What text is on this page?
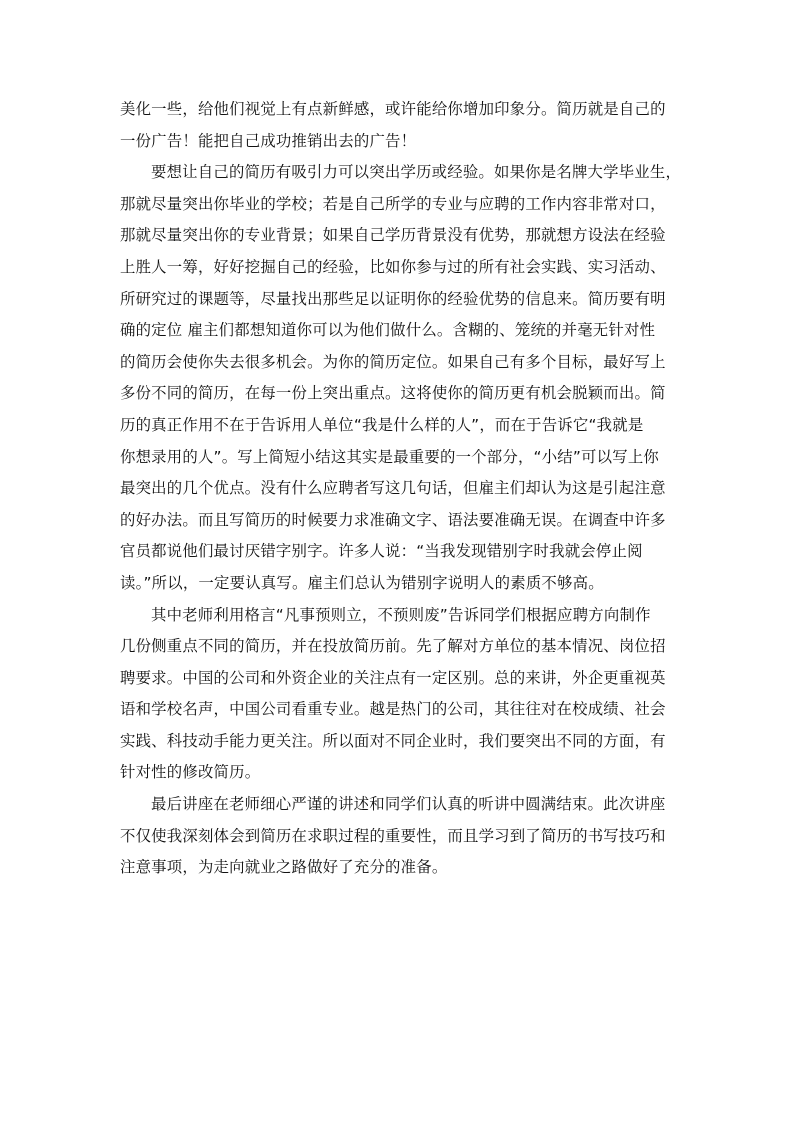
美化一些，给他们视觉上有点新鲜感，或许能给你增加印象分。简历就是自己的
一份广告！能把自己成功推销出去的广告！
要想让自己的简历有吸引力可以突出学历或经验。如果你是名牌大学毕业生，
那就尽量突出你毕业的学校；若是自己所学的专业与应聘的工作内容非常对口，
那就尽量突出你的专业背景；如果自己学历背景没有优势，那就想方设法在经验
上胜人一筹，好好挖掘自己的经验，比如你参与过的所有社会实践、实习活动、
所研究过的课题等，尽量找出那些足以证明你的经验优势的信息来。简历要有明
确的定位 雇主们都想知道你可以为他们做什么。含糊的、笼统的并毫无针对性
的简历会使你失去很多机会。为你的简历定位。如果自己有多个目标，最好写上
多份不同的简历，在每一份上突出重点。这将使你的简历更有机会脱颖而出。简
历的真正作用不在于告诉用人单位“我是什么样的人”，而在于告诉它“我就是
你想录用的人”。写上简短小结这其实是最重要的一个部分，“小结”可以写上你
最突出的几个优点。没有什么应聘者写这几句话，但雇主们却认为这是引起注意
的好办法。而且写简历的时候要力求准确文字、语法要准确无误。在调查中许多
官员都说他们最讨厌错字别字。许多人说：“当我发现错别字时我就会停止阅
读。”所以，一定要认真写。雇主们总认为错别字说明人的素质不够高。
其中老师利用格言“凡事预则立，不预则废”告诉同学们根据应聘方向制作
几份侧重点不同的简历，并在投放简历前。先了解对方单位的基本情况、岗位招
聘要求。中国的公司和外资企业的关注点有一定区别。总的来讲，外企更重视英
语和学校名声，中国公司看重专业。越是热门的公司，其往往对在校成绩、社会
实践、科技动手能力更关注。所以面对不同企业时，我们要突出不同的方面，有
针对性的修改简历。
最后讲座在老师细心严谨的讲述和同学们认真的听讲中圆满结束。此次讲座
不仅使我深刻体会到简历在求职过程的重要性，而且学习到了简历的书写技巧和
注意事项，为走向就业之路做好了充分的准备。
